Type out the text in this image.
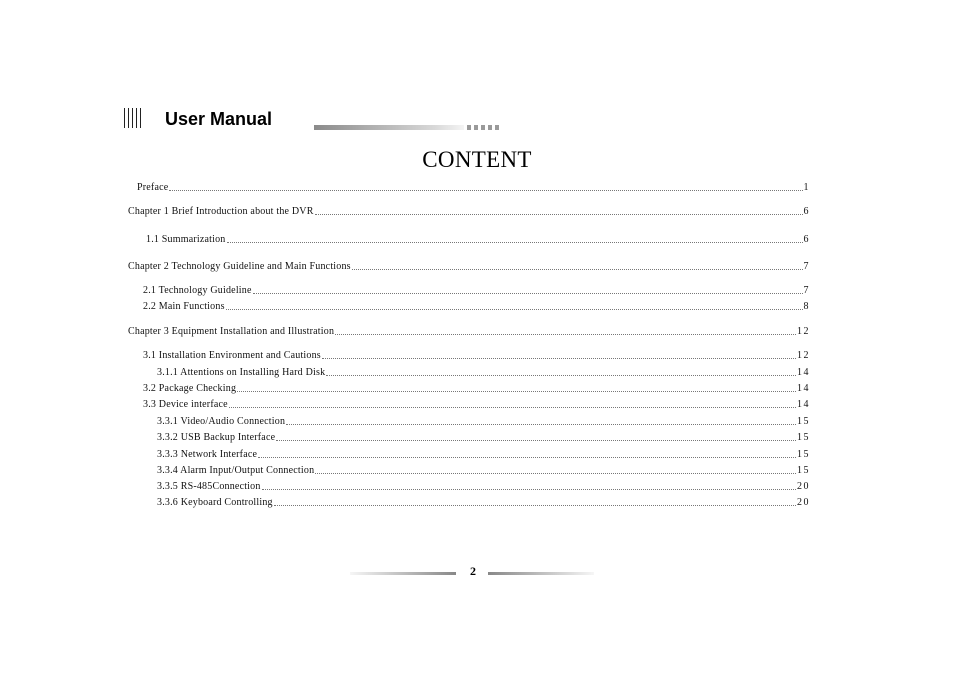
User Manual
CONTENT
Preface	1
Chapter 1 Brief Introduction about the DVR	6
1.1 Summarization	6
Chapter 2 Technology Guideline and Main Functions	7
2.1 Technology Guideline	7
2.2 Main Functions	8
Chapter 3 Equipment Installation and Illustration	12
3.1 Installation Environment and Cautions	12
3.1.1 Attentions on Installing Hard Disk	14
3.2 Package Checking	14
3.3 Device interface	14
3.3.1 Video/Audio Connection	15
3.3.2 USB Backup Interface	15
3.3.3 Network Interface	15
3.3.4 Alarm Input/Output Connection	15
3.3.5 RS-485Connection	20
3.3.6 Keyboard Controlling	20
2
